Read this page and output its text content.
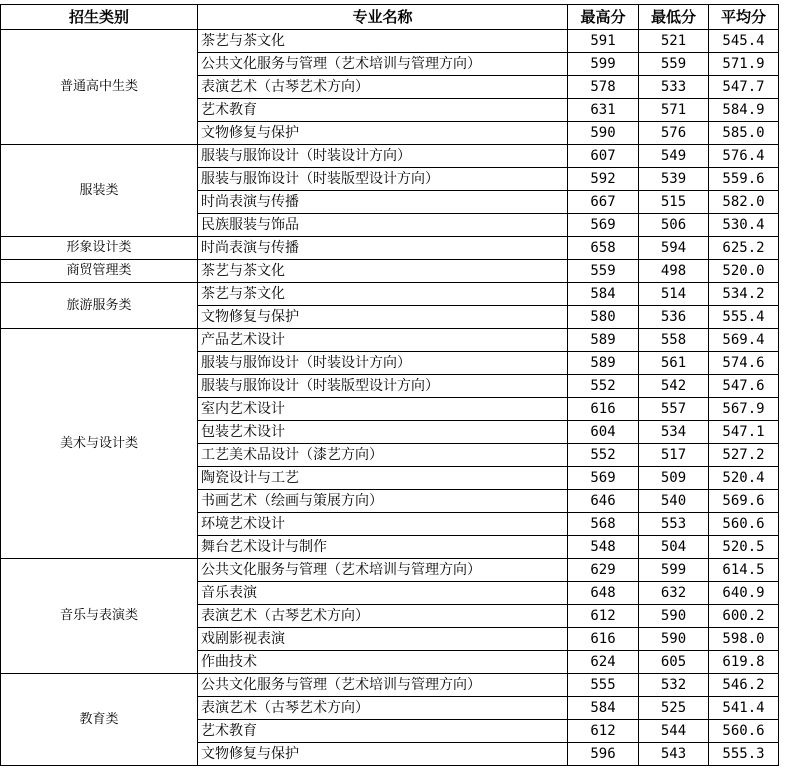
招生类别	专业名称	最高分	最低分	平均分
普通高中生类	茶艺与茶文化	591	521	545.4
	公共文化服务与管理（艺术培训与管理方向）	599	559	571.9
	表演艺术（古琴艺术方向）	578	533	547.7
	艺术教育	631	571	584.9
	文物修复与保护	590	576	585.0
服装类	服装与服饰设计（时装设计方向）	607	549	576.4
	服装与服饰设计（时装版型设计方向）	592	539	559.6
	时尚表演与传播	667	515	582.0
	民族服装与饰品	569	506	530.4
形象设计类	时尚表演与传播	658	594	625.2
商贸管理类	茶艺与茶文化	559	498	520.0
旅游服务类	茶艺与茶文化	584	514	534.2
	文物修复与保护	580	536	555.4
美术与设计类	产品艺术设计	589	558	569.4
	服装与服饰设计（时装设计方向）	589	561	574.6
	服装与服饰设计（时装版型设计方向）	552	542	547.6
	室内艺术设计	616	557	567.9
	包装艺术设计	604	534	547.1
	工艺美术品设计（漆艺方向）	552	517	527.2
	陶瓷设计与工艺	569	509	520.4
	书画艺术（绘画与策展方向）	646	540	569.6
	环境艺术设计	568	553	560.6
	舞台艺术设计与制作	548	504	520.5
音乐与表演类	公共文化服务与管理（艺术培训与管理方向）	629	599	614.5
	音乐表演	648	632	640.9
	表演艺术（古琴艺术方向）	612	590	600.2
	戏剧影视表演	616	590	598.0
	作曲技术	624	605	619.8
教育类	公共文化服务与管理（艺术培训与管理方向）	555	532	546.2
	表演艺术（古琴艺术方向）	584	525	541.4
	艺术教育	612	544	560.6
	文物修复与保护	596	543	555.3
